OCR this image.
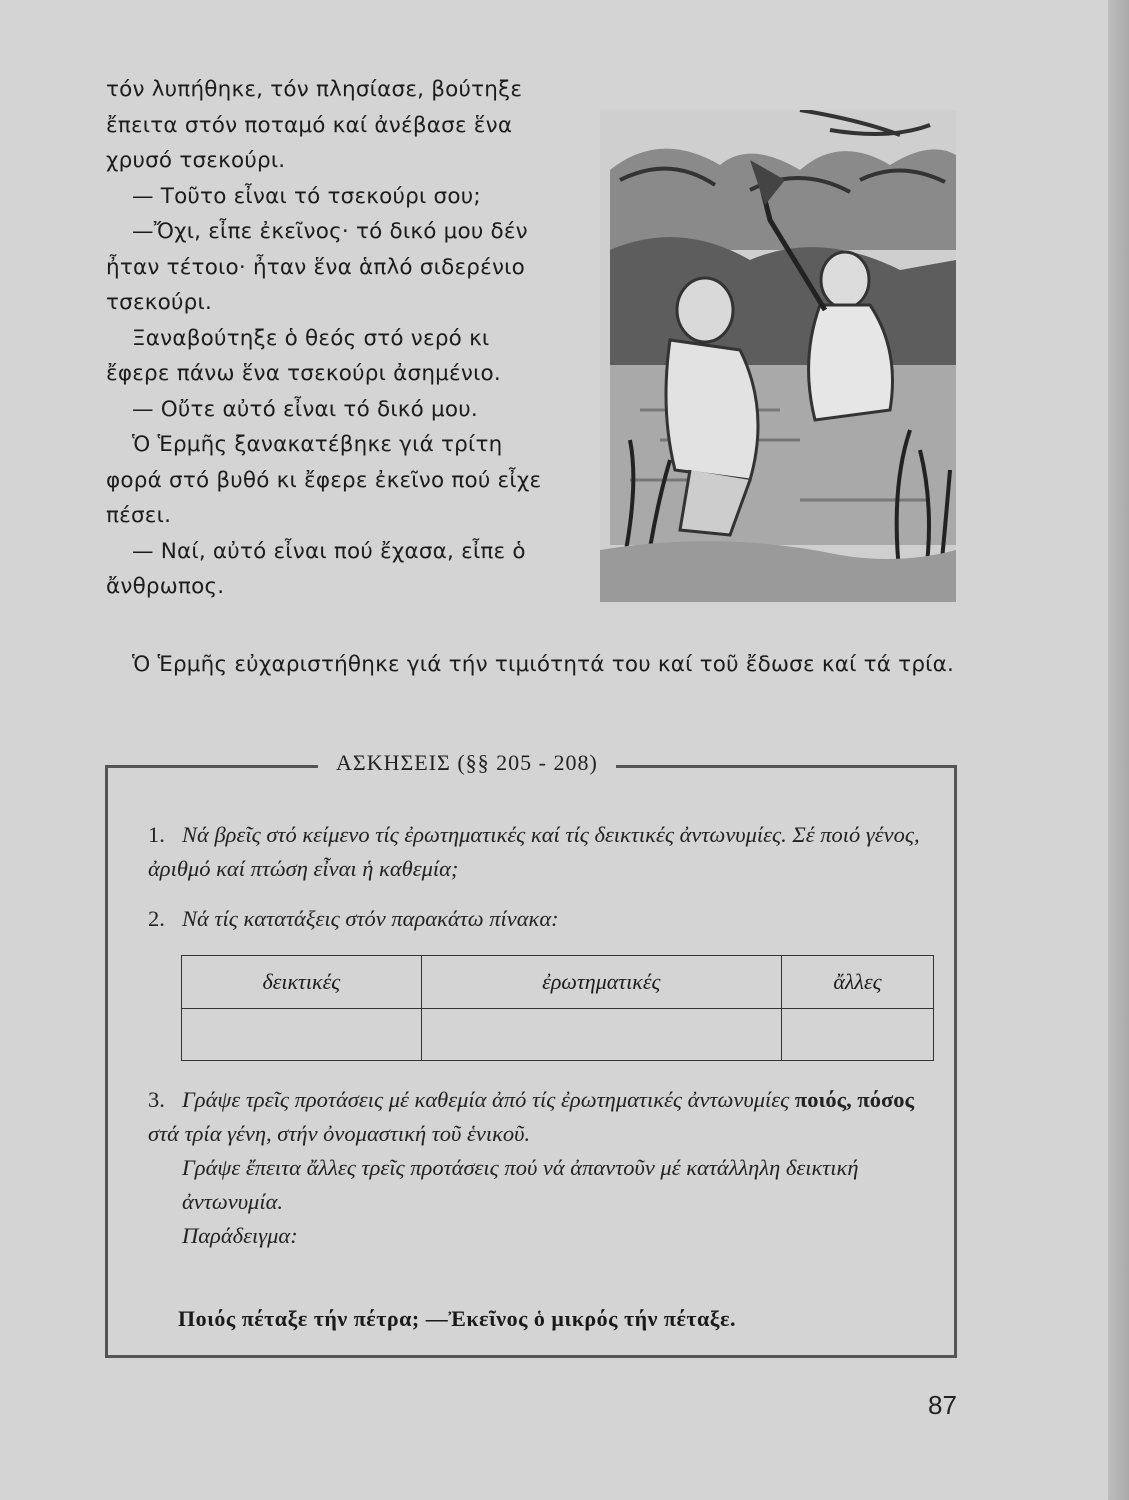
τόν λυπήθηκε, τόν πλησίασε, βούτηξε ἔπειτα στόν ποταμό καί ἀνέβασε ἕνα χρυσό τσεκούρι.

— Τοῦτο εἶναι τό τσεκούρι σου;

—Ὄχι, εἶπε ἐκεῖνος· τό δικό μου δέν ἦταν τέτοιο· ἦταν ἕνα ἁπλό σιδερένιο τσεκούρι.

Ξαναβούτηξε ὁ θεός στό νερό κι ἔφερε πάνω ἕνα τσεκούρι ἀσημένιο.

— Οὔτε αὐτό εἶναι τό δικό μου.

Ὁ Ἑρμῆς ξανακατέβηκε γιά τρίτη φορά στό βυθό κι ἔφερε ἐκεῖνο πού εἶχε πέσει.

— Ναί, αὐτό εἶναι πού ἔχασα, εἶπε ὁ ἄνθρωπος.

Ὁ Ἑρμῆς εὐχαριστήθηκε γιά τήν τιμιότητά του καί τοῦ ἔδωσε καί τά τρία.

ΑΣΚΗΣΕΙΣ (§§ 205 - 208)
1. Νά βρεῖς στό κείμενο τίς ἐρωτηματικές καί τίς δεικτικές ἀντωνυμίες. Σέ ποιό γένος, ἀριθμό καί πτώση εἶναι ἡ καθεμία;
2. Νά τίς κατατάξεις στόν παρακάτω πίνακα:
δεικτικές	ἐρωτηματικές	ἄλλες

3. Γράψε τρεῖς προτάσεις μέ καθεμία ἀπό τίς ἐρωτηματικές ἀντωνυμίες ποιός, πόσος στά τρία γένη, στήν ὀνομαστική τοῦ ἑνικοῦ.
Γράψε ἔπειτα ἄλλες τρεῖς προτάσεις πού νά ἀπαντοῦν μέ κατάλληλη δεικτική ἀντωνυμία.
Παράδειγμα:
Ποιός πέταξε τήν πέτρα; —Ἐκεῖνος ὁ μικρός τήν πέταξε.
87
